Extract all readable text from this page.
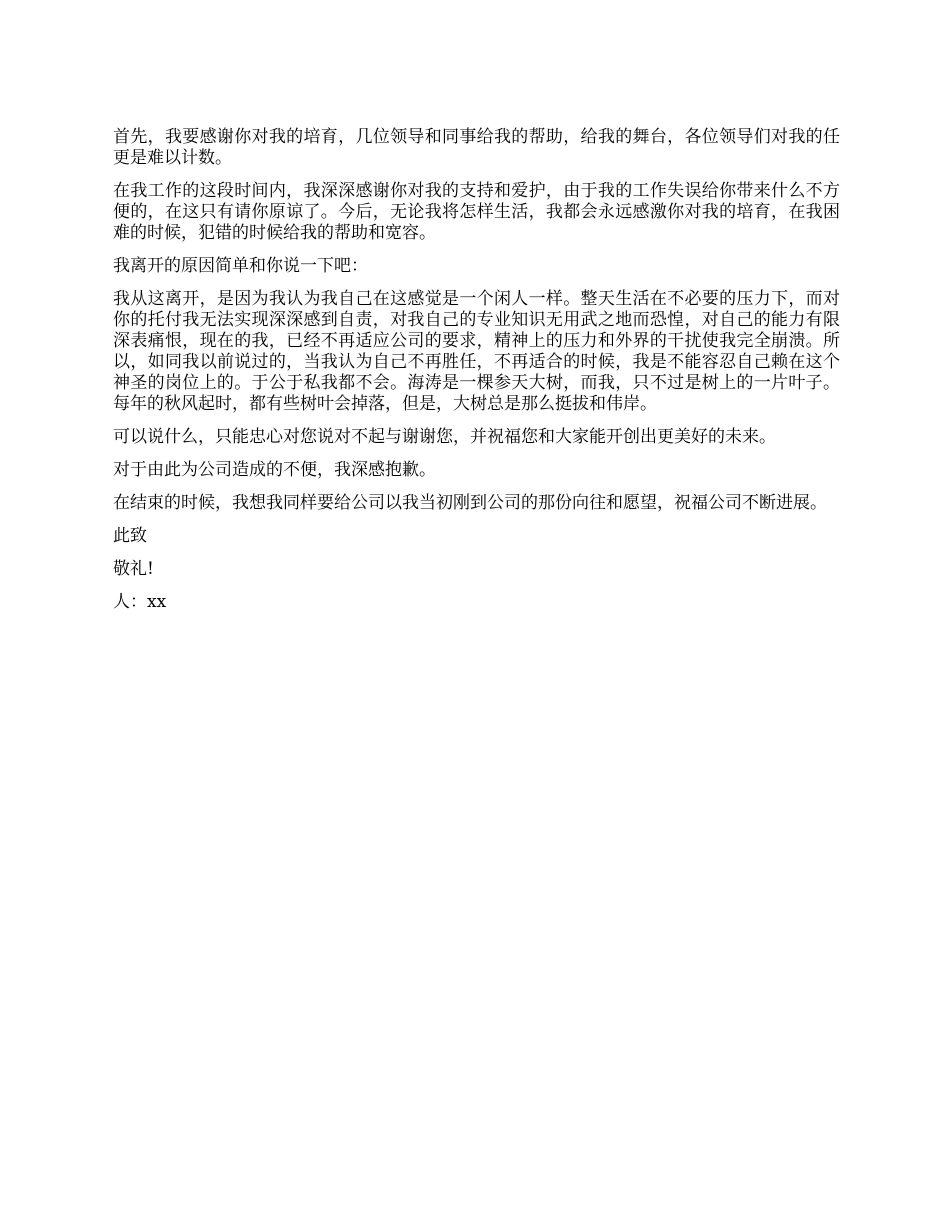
首先，我要感谢你对我的培育，几位领导和同事给我的帮助，给我的舞台，各位领导们对我的任更是难以计数。

在我工作的这段时间内，我深深感谢你对我的支持和爱护，由于我的工作失误给你带来什么不方便的，在这只有请你原谅了。今后，无论我将怎样生活，我都会永远感激你对我的培育，在我困难的时候，犯错的时候给我的帮助和宽容。

我离开的原因简单和你说一下吧：

我从这离开，是因为我认为我自己在这感觉是一个闲人一样。整天生活在不必要的压力下，而对你的托付我无法实现深深感到自责，对我自己的专业知识无用武之地而恐惶，对自己的能力有限深表痛恨，现在的我，已经不再适应公司的要求，精神上的压力和外界的干扰使我完全崩溃。所以，如同我以前说过的，当我认为自己不再胜任，不再适合的时候，我是不能容忍自己赖在这个神圣的岗位上的。于公于私我都不会。海涛是一棵参天大树，而我，只不过是树上的一片叶子。每年的秋风起时，都有些树叶会掉落，但是，大树总是那么挺拔和伟岸。

可以说什么，只能忠心对您说对不起与谢谢您，并祝福您和大家能开创出更美好的未来。

对于由此为公司造成的不便，我深感抱歉。

在结束的时候，我想我同样要给公司以我当初刚到公司的那份向往和愿望，祝福公司不断进展。

此致

敬礼!

人：xx
